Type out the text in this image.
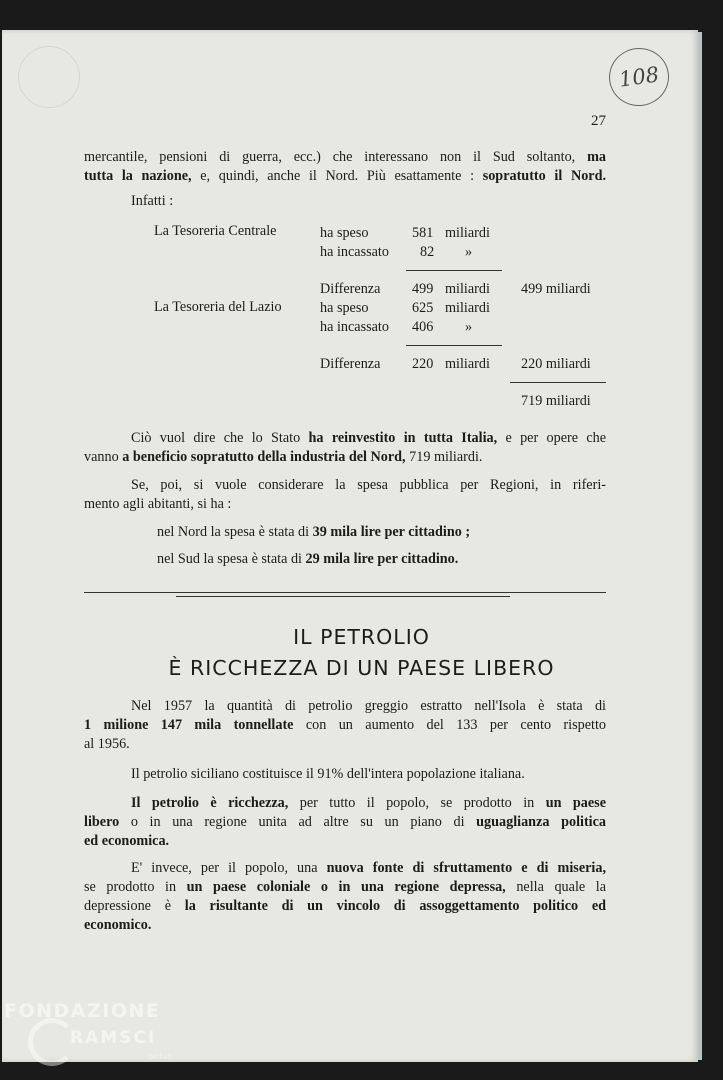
108
27
mercantile, pensioni di guerra, ecc.) che interessano non il Sud soltanto, ma
tutta la nazione, e, quindi, anche il Nord. Più esattamente : sopratutto il Nord.
Infatti :
La Tesoreria Centrale	ha speso	581 miliardi
ha incassato 82 »
Differenza 499 miliardi 499 miliardi
La Tesoreria del Lazio	ha speso	625 miliardi
ha incassato 406 »
Differenza 220 miliardi 220 miliardi
719 miliardi
Ciò vuol dire che lo Stato ha reinvestito in tutta Italia, e per opere che
vanno a beneficio sopratutto della industria del Nord, 719 miliardi.
Se, poi, si vuole considerare la spesa pubblica per Regioni, in riferi-
mento agli abitanti, si ha :
nel Nord la spesa è stata di 39 mila lire per cittadino ;
nel Sud la spesa è stata di 29 mila lire per cittadino.
IL PETROLIO
È RICCHEZZA DI UN PAESE LIBERO
Nel 1957 la quantità di petrolio greggio estratto nell'Isola è stata di
1 milione 147 mila tonnellate con un aumento del 133 per cento rispetto
al 1956.
Il petrolio siciliano costituisce il 91% dell'intera popolazione italiana.
Il petrolio è ricchezza, per tutto il popolo, se prodotto in un paese
libero o in una regione unita ad altre su un piano di uguaglianza politica
ed economica.
E' invece, per il popolo, una nuova fonte di sfruttamento e di miseria,
se prodotto in un paese coloniale o in una regione depressa, nella quale la
depressione è la risultante di un vincolo di assoggettamento politico ed
economico.
FONDAZIONE
RAMSCI
onlus
